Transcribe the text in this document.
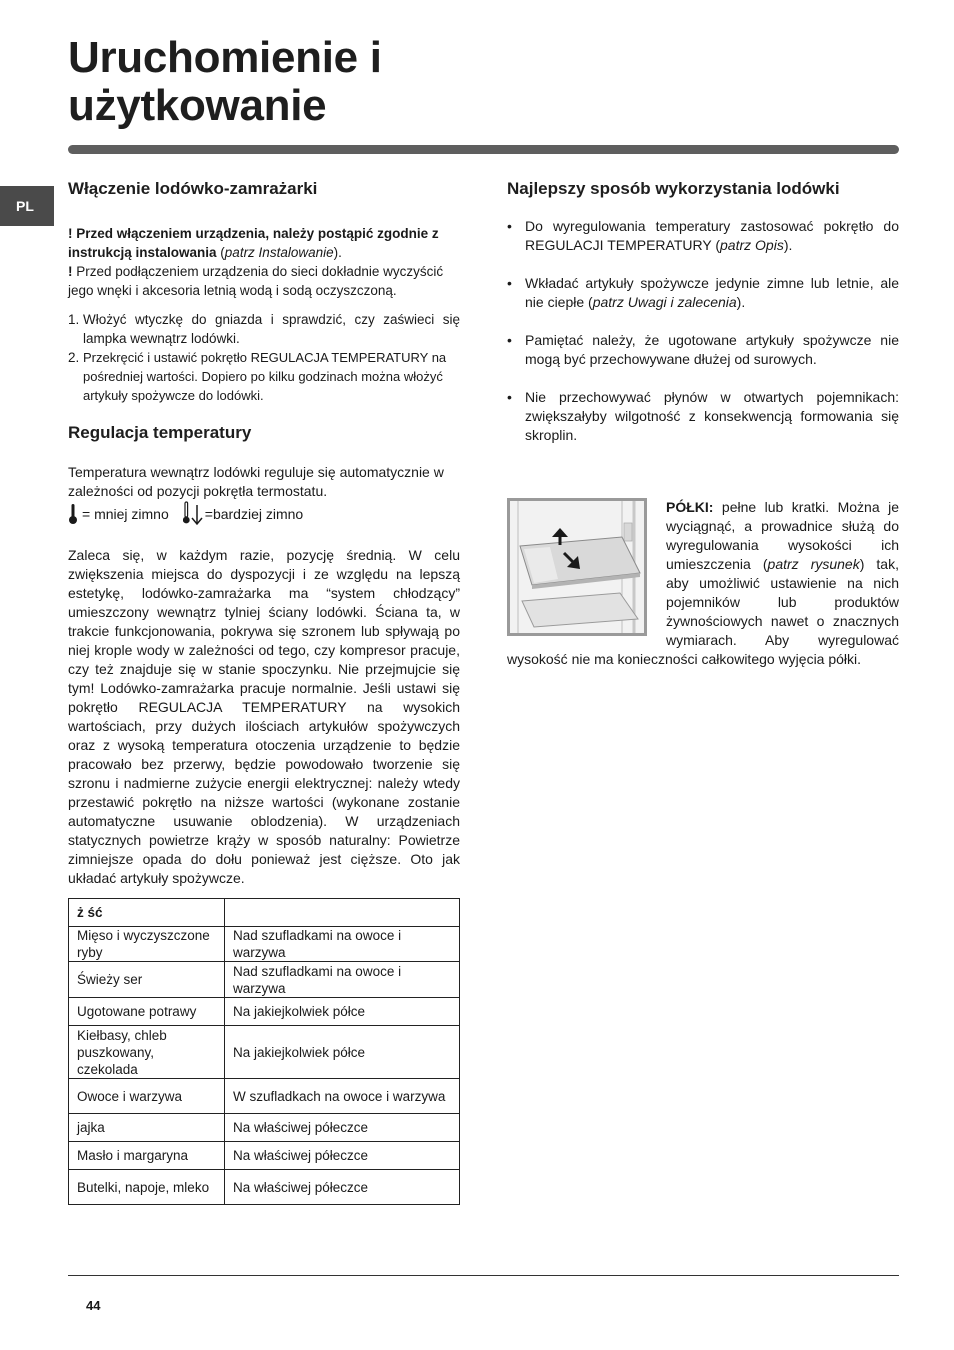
Uruchomienie i
użytkowanie
PL
Włączenie lodówko-zamrażarki

! Przed włączeniem urządzenia, należy postąpić zgodnie z instrukcją instalowania (patrz Instalowanie).

! Przed podłączeniem urządzenia do sieci dokładnie wyczyścić jego wnęki i akcesoria letnią wodą i sodą oczyszczoną.

1. Włożyć wtyczkę do gniazda i sprawdzić, czy zaświeci się lampka wewnątrz lodówki.
2. Przekręcić i ustawić pokrętło REGULACJA TEMPERATURY na pośredniej wartości. Dopiero po kilku godzinach można włożyć artykuły spożywcze do lodówki.
Regulacja temperatury

Temperatura wewnątrz lodówki reguluje się automatycznie w zależności od pozycji pokrętła termostatu.

= mniej zimno	=bardziej zimno

Zaleca się, w każdym razie, pozycję średnią. W celu zwiększenia miejsca do dyspozycji i ze względu na lepszą estetykę, lodówko-zamrażarka ma “system chłodzący” umieszczony wewnątrz tylniej ściany lodówki. Ściana ta, w trakcie funkcjonowania, pokrywa się szronem lub spływają po niej krople wody w zależności od tego, czy kompresor pracuje, czy też znajduje się w stanie spoczynku. Nie przejmujcie się tym! Lodówko-zamrażarka pracuje normalnie. Jeśli ustawi się pokrętło REGULACJA TEMPERATURY na wysokich wartościach, przy dużych ilościach artykułów spożywczych oraz z wysoką temperatura otoczenia urządzenie to będzie pracowało bez przerwy, będzie powodowało tworzenie się szronu i nadmierne zużycie energii elektrycznej: należy wtedy przestawić pokrętło na niższe wartości (wykonane zostanie automatyczne usuwanie oblodzenia). W urządzeniach statycznych powietrze krąży w sposób naturalny: Powietrze zimniejsze opada do dołu ponieważ jest cięższe. Oto jak układać artykuły spożywcze.

ż ść	
Mięso i wyczyszczone ryby	Nad szufladkami na owoce i warzywa
Świeży ser	Nad szufladkami na owoce i warzywa
Ugotowane potrawy	Na jakiejkolwiek półce
Kiełbasy, chleb puszkowany, czekolada	Na jakiejkolwiek półce
Owoce i warzywa	W szufladkach na owoce i warzywa
jajka	Na właściwej półeczce
Masło i margaryna	Na właściwej półeczce
Butelki, napoje, mleko	Na właściwej półeczce
Najlepszy sposób wykorzystania lodówki
• Do wyregulowania temperatury zastosować pokrętło do REGULACJI TEMPERATURY (patrz Opis).
• Wkładać artykuły spożywcze jedynie zimne lub letnie, ale nie ciepłe (patrz Uwagi i zalecenia).
• Pamiętać należy, że ugotowane artykuły spożywcze nie mogą być przechowywane dłużej od surowych.
• Nie przechowywać płynów w otwartych pojemnikach: zwiększałyby wilgotność z konsekwencją formowania się skroplin.

PÓŁKI: pełne lub kratki. Można je wyciągnąć, a prowadnice służą do wyregulowania wysokości ich umieszczenia (patrz rysunek) tak, aby umożliwić ustawienie na nich pojemników lub produktów żywnościowych nawet o znacznych wymiarach. Aby wyregulować wysokość nie ma konieczności całkowitego wyjęcia półki.

44
